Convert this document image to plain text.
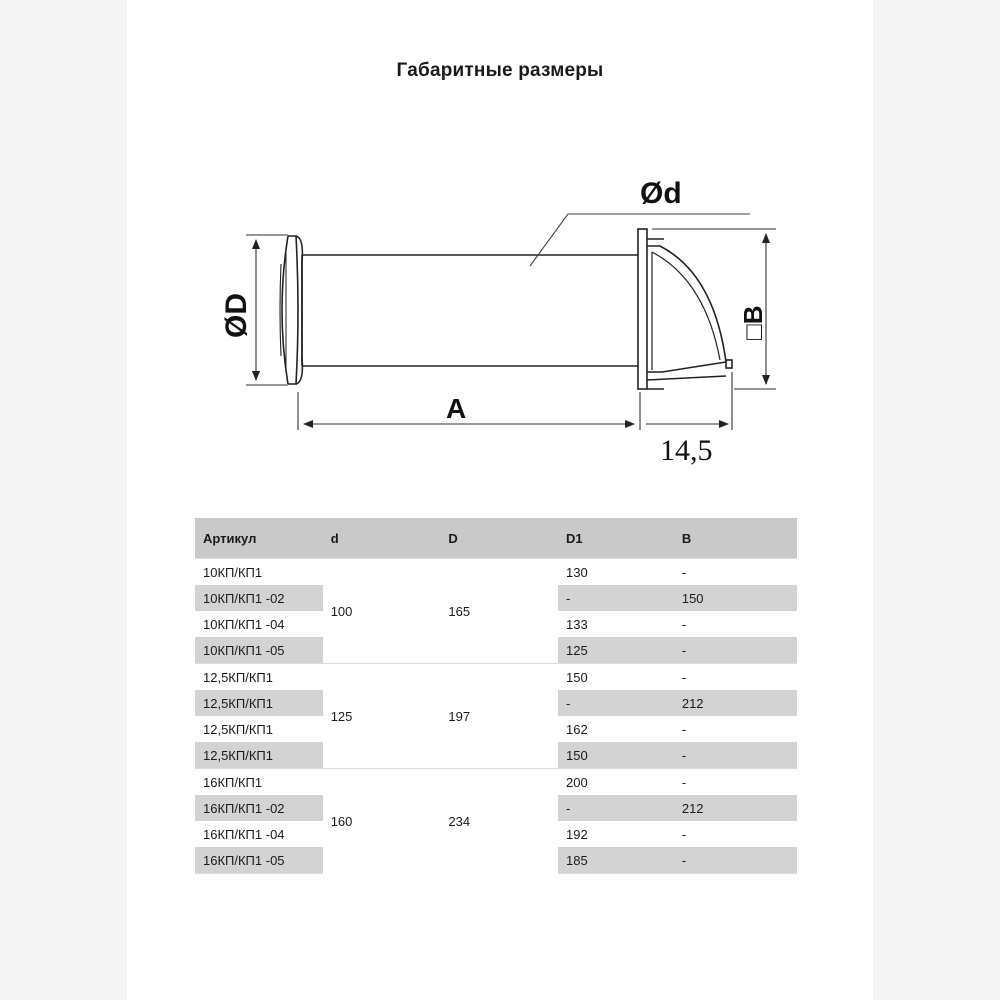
Габаритные размеры
Ød
ØD
A
□B
14,5
Артикул	d	D	D1	B
10КП/КП1	100	165	130	-
10КП/КП1 -02			-	150
10КП/КП1 -04			133	-
10КП/КП1 -05			125	-
12,5КП/КП1	125	197	150	-
12,5КП/КП1			-	212
12,5КП/КП1			162	-
12,5КП/КП1			150	-
16КП/КП1	160	234	200	-
16КП/КП1 -02			-	212
16КП/КП1 -04			192	-
16КП/КП1 -05			185	-
